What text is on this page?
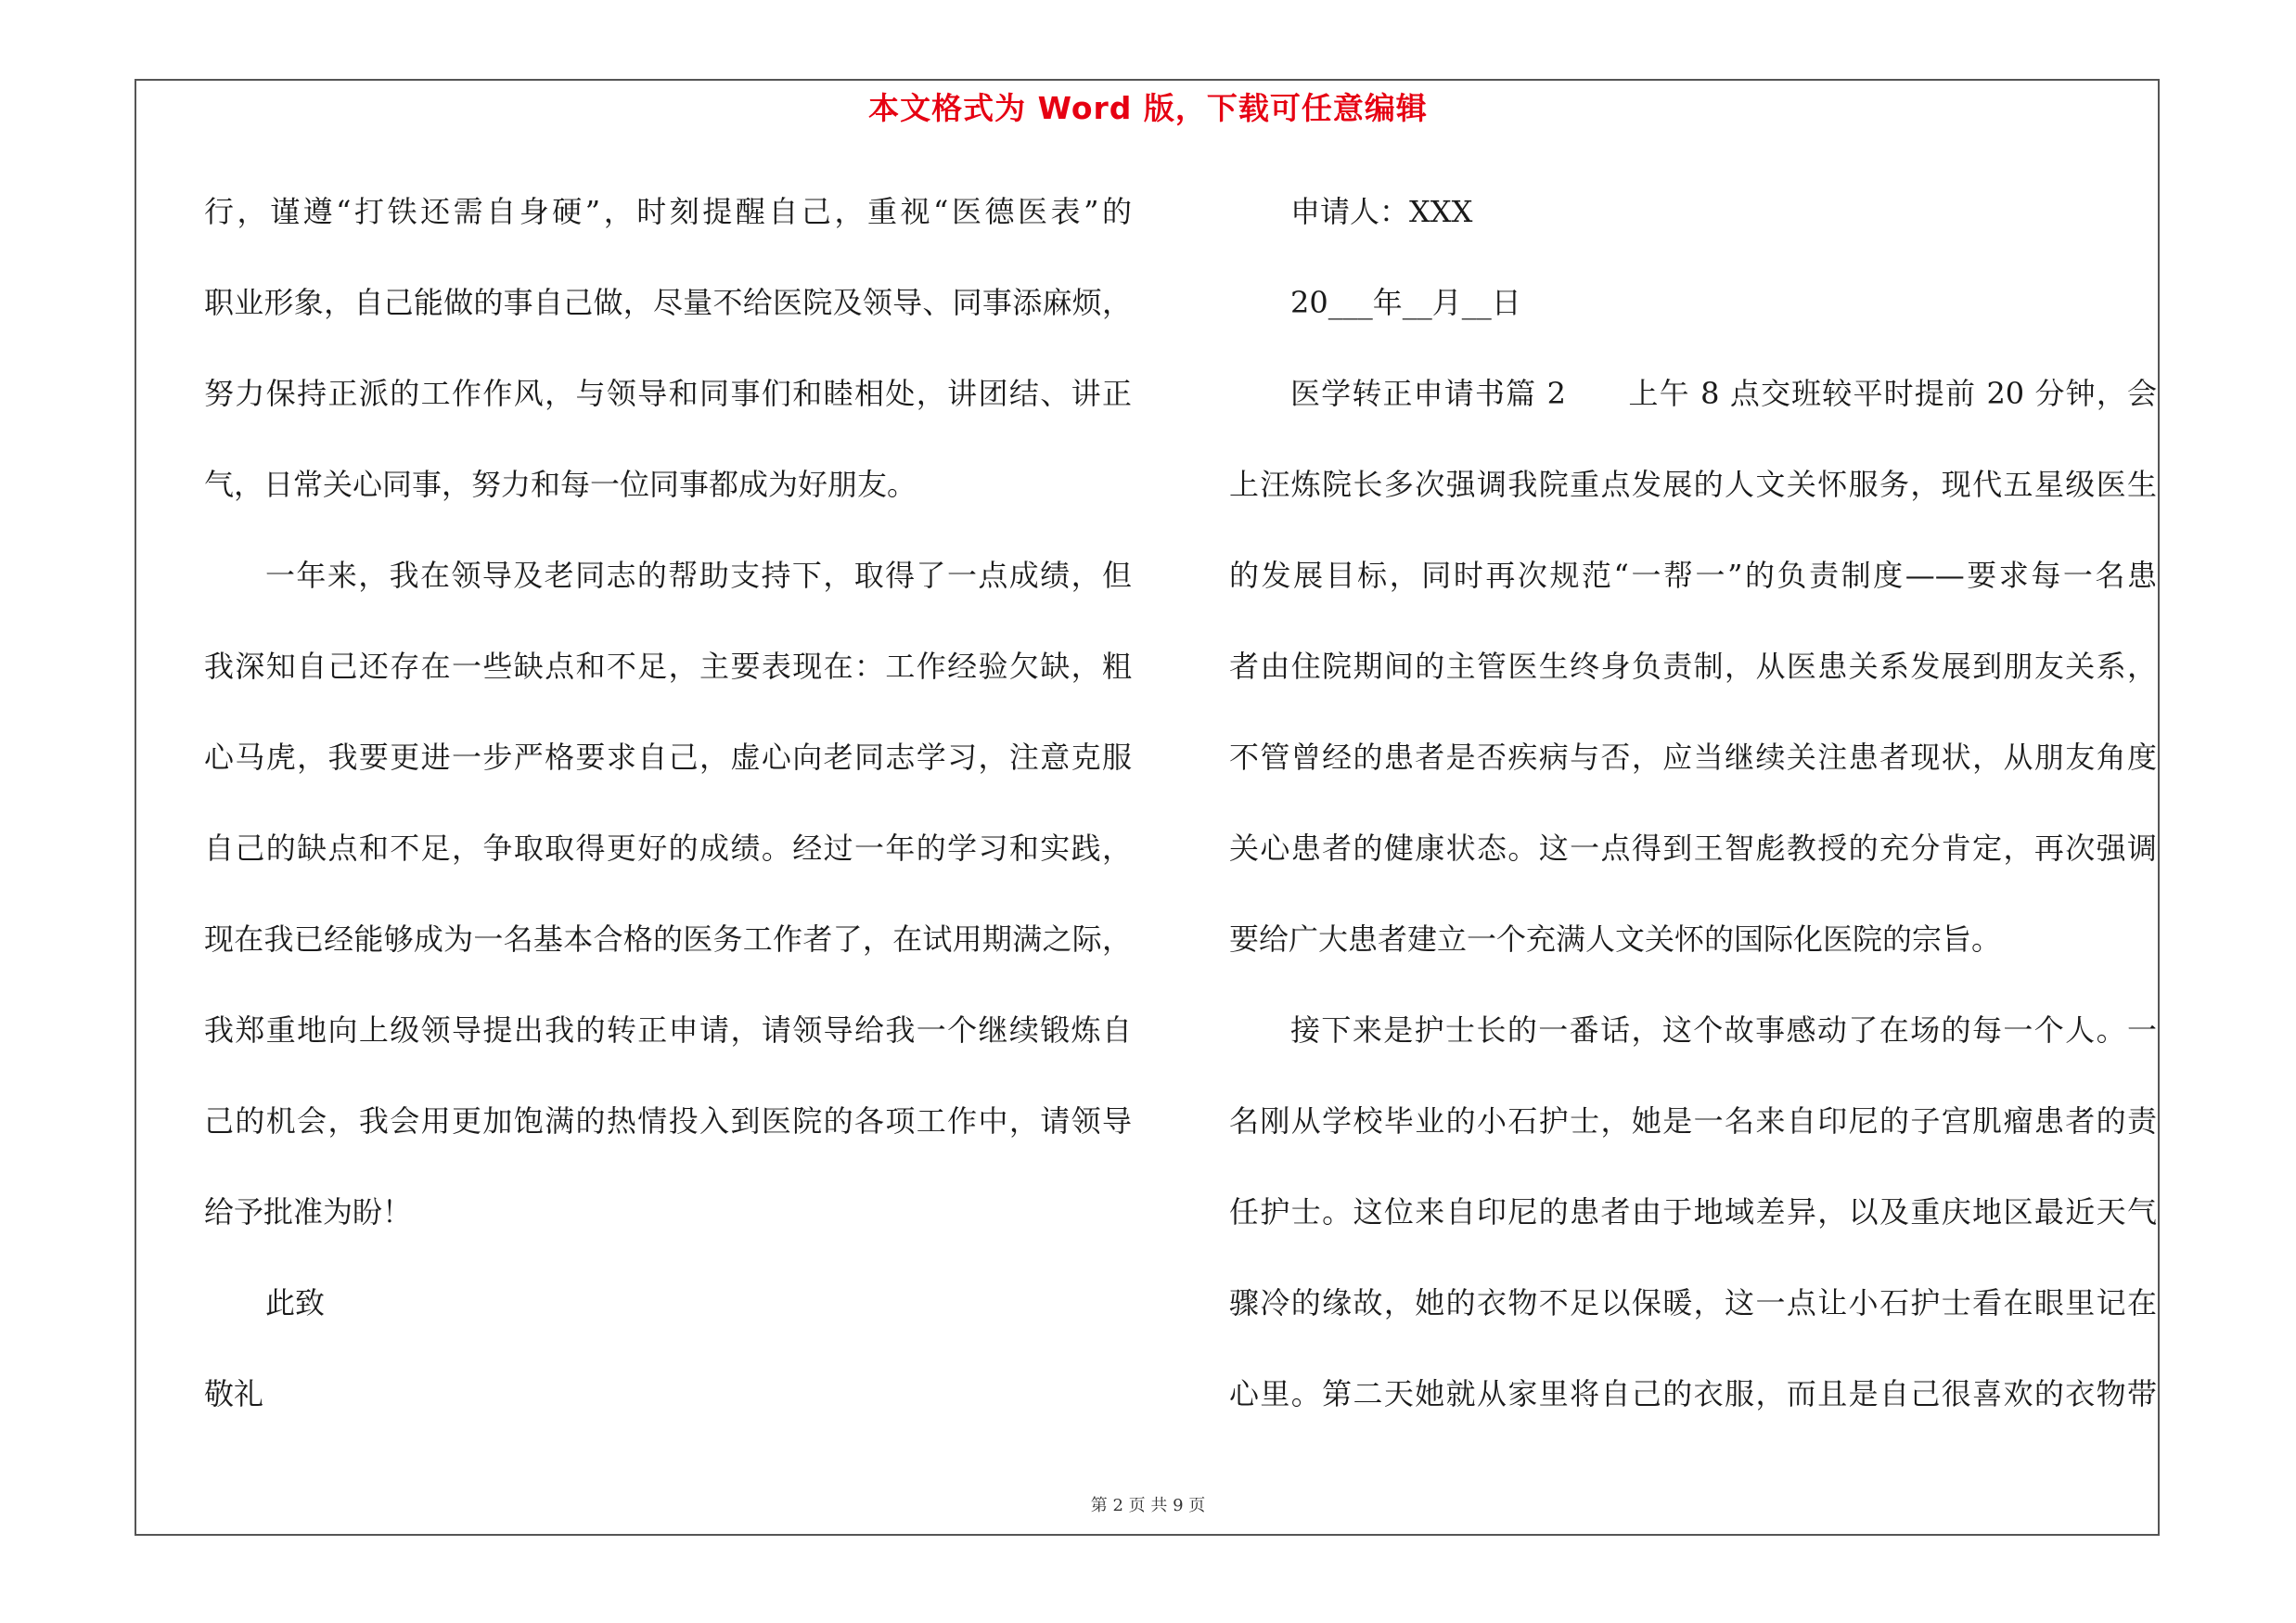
本文格式为 Word 版，下载可任意编辑
行，谨遵“打铁还需自身硬”，时刻提醒自己，重视“医德医表”的
职业形象，自己能做的事自己做，尽量不给医院及领导、同事添麻烦，
努力保持正派的工作作风，与领导和同事们和睦相处，讲团结、讲正
气，日常关心同事，努力和每一位同事都成为好朋友。
一年来，我在领导及老同志的帮助支持下，取得了一点成绩，但
我深知自己还存在一些缺点和不足，主要表现在：工作经验欠缺，粗
心马虎，我要更进一步严格要求自己，虚心向老同志学习，注意克服
自己的缺点和不足，争取取得更好的成绩。经过一年的学习和实践，
现在我已经能够成为一名基本合格的医务工作者了，在试用期满之际，
我郑重地向上级领导提出我的转正申请，请领导给我一个继续锻炼自
己的机会，我会用更加饱满的热情投入到医院的各项工作中，请领导
给予批准为盼！
此致
敬礼
申请人：XXX
20___年__月__日
医学转正申请书篇 2　　上午 8 点交班较平时提前 20 分钟，会
上汪炼院长多次强调我院重点发展的人文关怀服务，现代五星级医生
的发展目标，同时再次规范“一帮一”的负责制度——要求每一名患
者由住院期间的主管医生终身负责制，从医患关系发展到朋友关系，
不管曾经的患者是否疾病与否，应当继续关注患者现状，从朋友角度
关心患者的健康状态。这一点得到王智彪教授的充分肯定，再次强调
要给广大患者建立一个充满人文关怀的国际化医院的宗旨。
接下来是护士长的一番话，这个故事感动了在场的每一个人。一
名刚从学校毕业的小石护士，她是一名来自印尼的子宫肌瘤患者的责
任护士。这位来自印尼的患者由于地域差异，以及重庆地区最近天气
骤冷的缘故，她的衣物不足以保暖，这一点让小石护士看在眼里记在
心里。第二天她就从家里将自己的衣服，而且是自己很喜欢的衣物带
第 2 页 共 9 页
